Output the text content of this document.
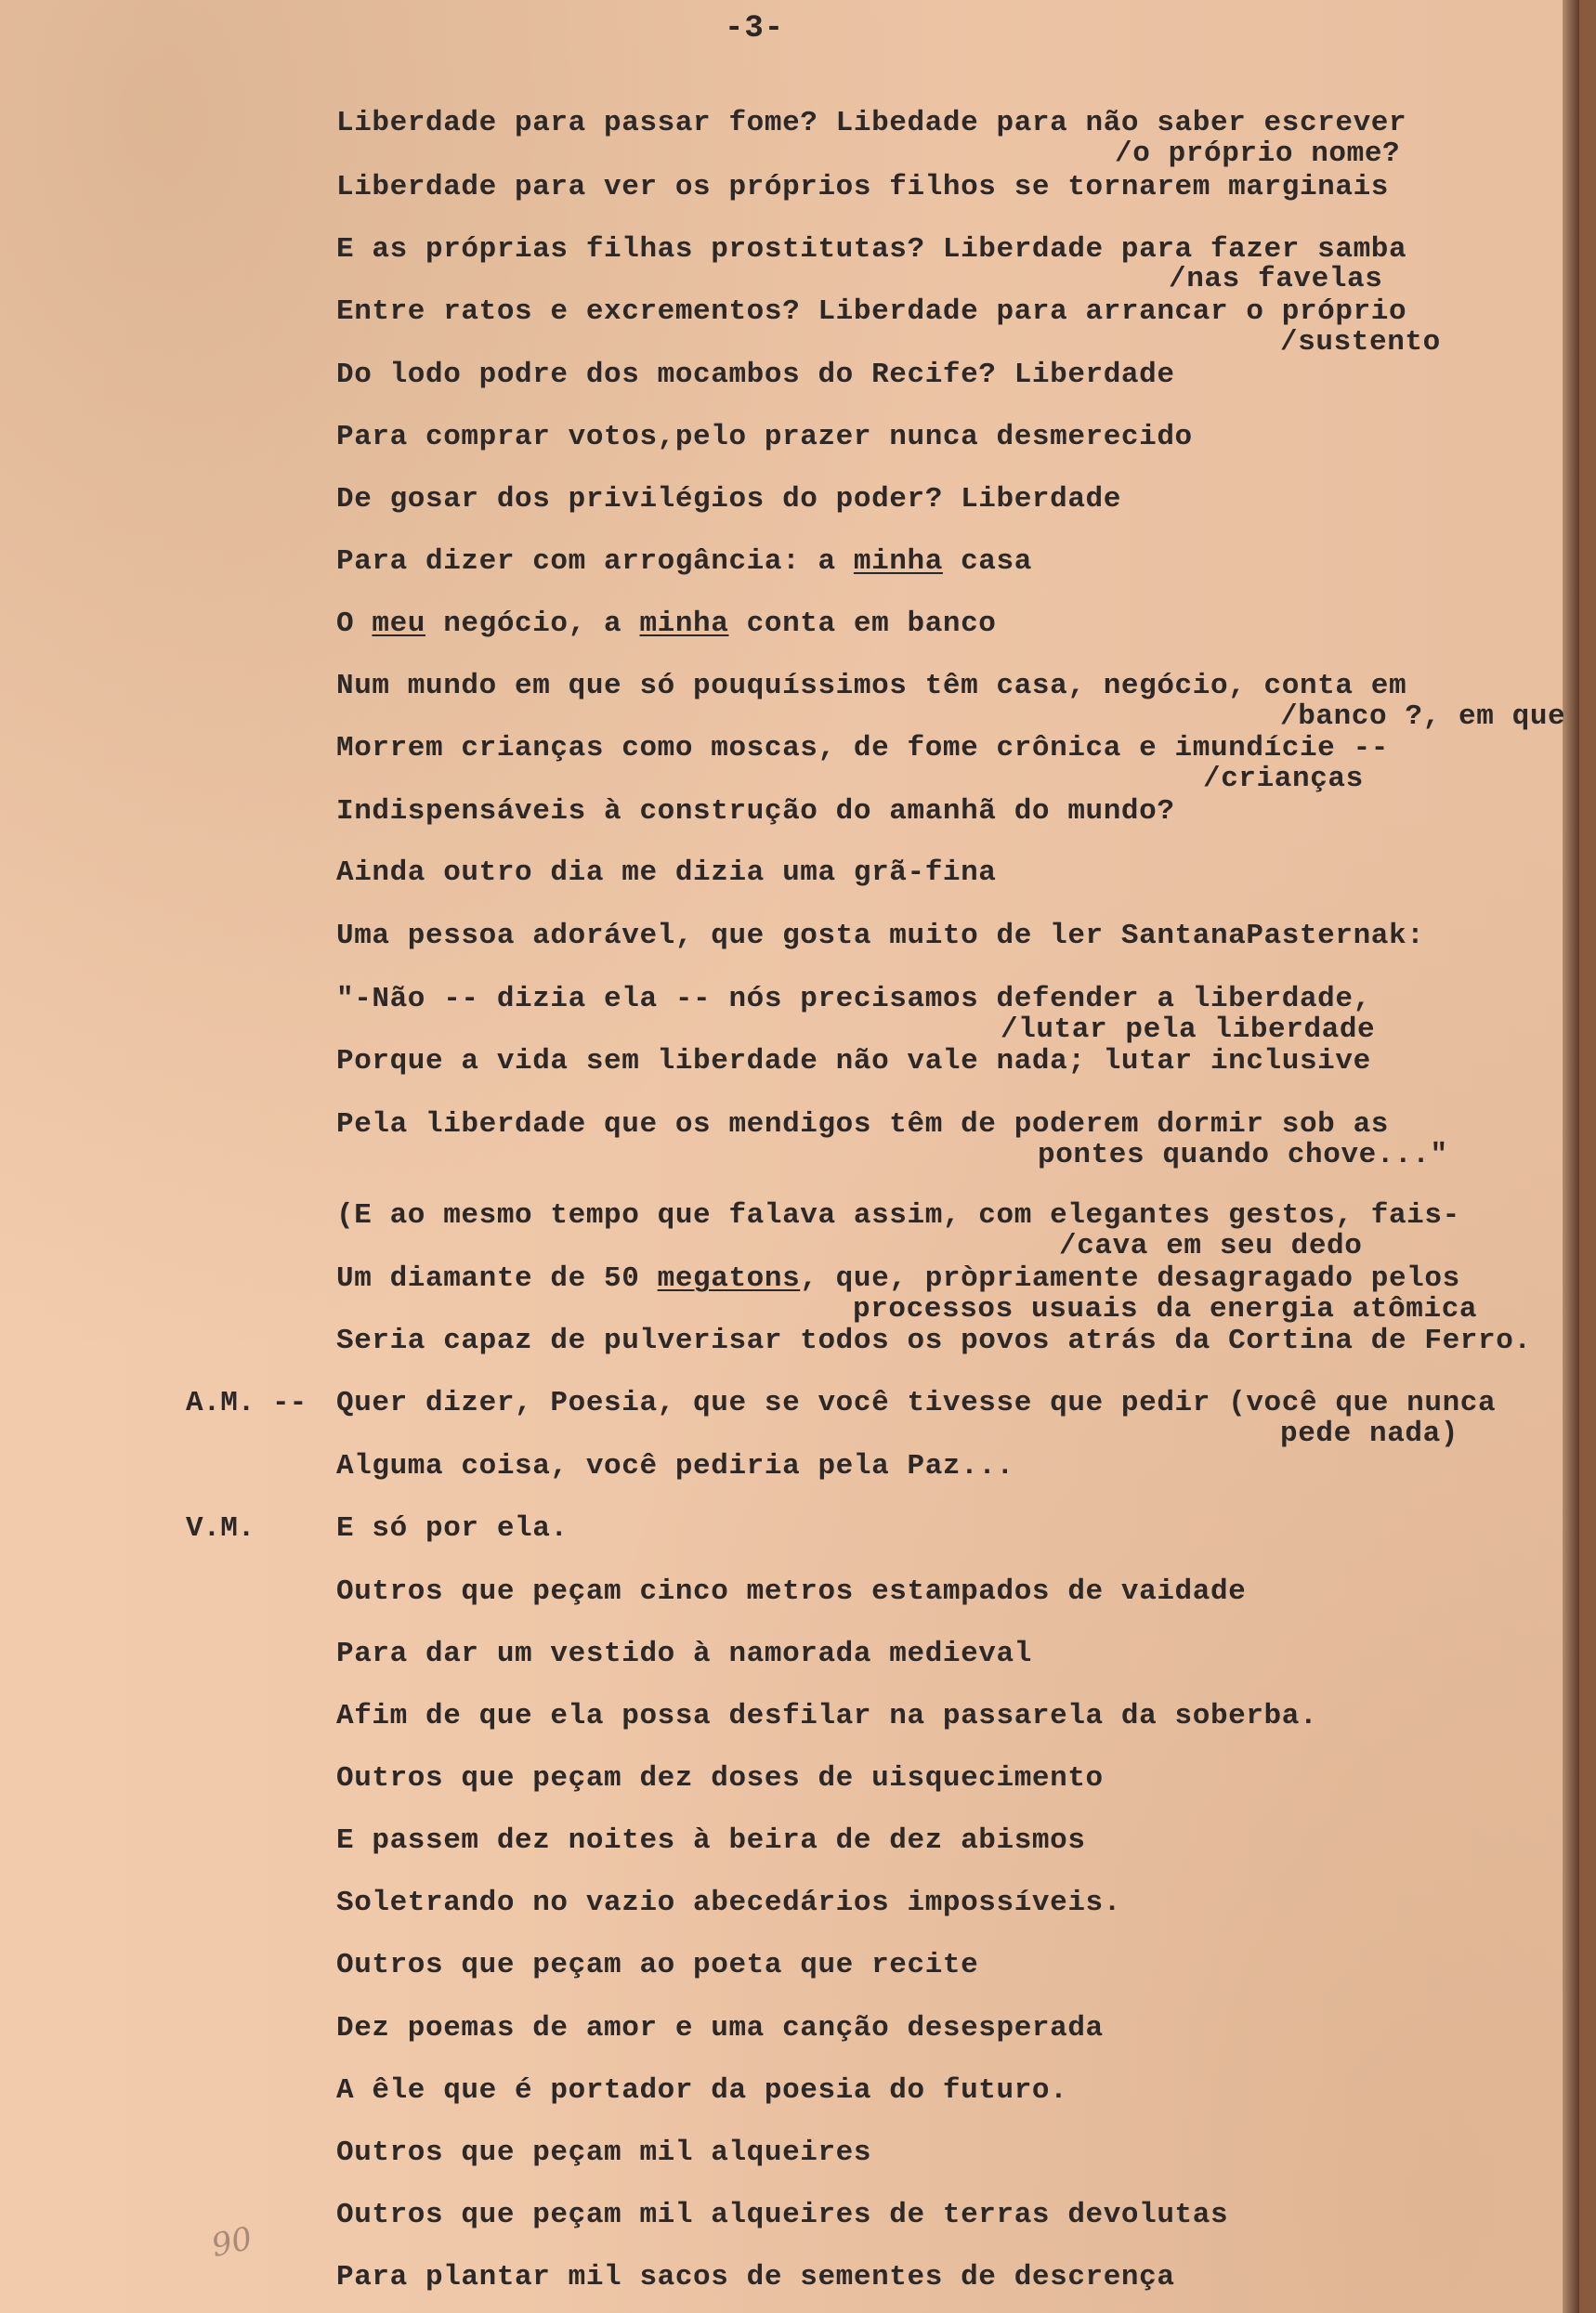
-3-

Liberdade para passar fome? Libedade para não saber escrever

/o próprio nome?

Liberdade para ver os próprios filhos se tornarem marginais

E as próprias filhas prostitutas? Liberdade para fazer samba

/nas favelas

Entre ratos e excrementos? Liberdade para arrancar o próprio

/sustento

Do lodo podre dos mocambos do Recife? Liberdade

Para comprar votos,pelo prazer nunca desmerecido

De gosar dos privilégios do poder? Liberdade

Para dizer com arrogância: a minha casa

O meu negócio, a minha conta em banco

Num mundo em que só pouquíssimos têm casa, negócio, conta em

/banco ?, em que

Morrem crianças como moscas, de fome crônica e imundície --

/crianças

Indispensáveis à construção do amanhã do mundo?

Ainda outro dia me dizia uma grã-fina

Uma pessoa adorável, que gosta muito de ler SantanaPasternak:

"-Não -- dizia ela -- nós precisamos defender a liberdade,

/lutar pela liberdade

Porque a vida sem liberdade não vale nada; lutar inclusive

Pela liberdade que os mendigos têm de poderem dormir sob as

pontes quando chove..."

(E ao mesmo tempo que falava assim, com elegantes gestos, fais-

/cava em seu dedo

Um diamante de 50 megatons, que, pròpriamente desagragado pelos

processos usuais da energia atômica

Seria capaz de pulverisar todos os povos atrás da Cortina de Ferro.

A.M. -- Quer dizer, Poesia, que se você tivesse que pedir (você que nunca

pede nada)

Alguma coisa, você pediria pela Paz...

V.M.	E só por ela.

Outros que peçam cinco metros estampados de vaidade

Para dar um vestido à namorada medieval

Afim de que ela possa desfilar na passarela da soberba.

Outros que peçam dez doses de uisquecimento

E passem dez noites à beira de dez abismos

Soletrando no vazio abecedários impossíveis.

Outros que peçam ao poeta que recite

Dez poemas de amor e uma canção desesperada

A êle que é portador da poesia do futuro.

Outros que peçam mil alqueires

Outros que peçam mil alqueires de terras devolutas

Para plantar mil sacos de sementes de descrença

90
